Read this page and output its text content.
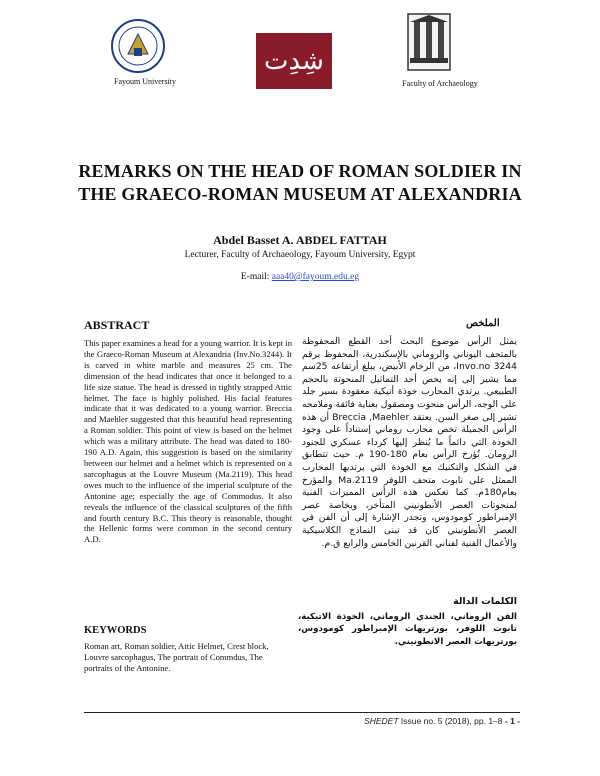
Fayoum University
شِدِت
Faculty of Archaeology
REMARKS ON THE HEAD OF ROMAN SOLDIER IN
THE GRAECO-ROMAN MUSEUM AT ALEXANDRIA
Abdel Basset A. ABDEL FATTAH
Lecturer, Faculty of Archaeology, Fayoum University, Egypt
E-mail: aaa40@fayoum.edu.eg
ABSTRACT	الملخص
This paper examines a head for a young warrior. It is kept in the Graeco-Roman Museum at Alexandria (Inv.No.3244). It is carved in white marble and measures 25 cm. The dimension of the head indicates that once it belonged to a life size statue. The head is dressed in tightly strapped Attic helmet. The face is highly polished. His facial features indicate that it was dedicated to a young warrior. Breccia and Maehler suggested that this beautiful head representing a Roman soldier. This point of view is based on the helmet which was a military attribute. The head was dated to 180-190 A.D. Again, this suggestion is based on the similarity between our helmet and a helmet which is represented on a sarcophagus at the Louvre Museum (Ma.2119). This head owes much to the influence of the imperial sculpture of the Antonine age; especially the age of Commodus. It also reveals the influence of the classical sculptures of the fifth and fourth century B.C. This theory is reasonable, thought the Hellenic forms were common in the second century A.D.
يمثل الرأس موضوع البحث أحد القطع المحفوظة بالمتحف اليوناني والروماني بالإسكندرية، المحفوظ برقم Invo.no 3244، من الرخام الأبيض، يبلغ أرتفاعه 25سم مما يشير إلى إنه يخص أحد التماثيل المنحوتة بالحجم الطبيعي. يرتدي المحارب خوذة أتيكية معقودة بسير جلد على الوجه، الرأس منحوت ومصقول بعناية فائقة وملامحه تشير إلى صغر السن. يعتقد Breccia ,Maehler أن هذه الرأس الجميلة تخص محارب روماني إستناداً على وجود الخوذة التي دائماً ما يُنظر إليها كرداء عسكري للجنود الرومان. تُؤرخ الرأس بعام 180-190 م. حيث تتطابق في الشكل والتكنيك مع الخوذة التي يرتديها المحارب الممثل على تابوت متحف اللوفر Ma.2119 والمؤرخ بعام180م. كما تعكس هذه الرأس المميزات الفنية لمنحوتات العصر الأنطونيني المتأخر، وبخاصة عصر الإمبراطور كومودوس، وتجدر الإشارة إلى أن الفن في العصر الأنطونيني كان قد تبنى النماذج الكلاسيكية والأعمال الفنية لفناني القرنين الخامس والرابع ق.م.
KEYWORDS
Roman art, Roman soldier, Attic Helmet, Crest block, Louvre sarcophagus, The portrait of Commdus, The portraits of the Antonine.
الكلمات الدالة
الفن الروماني، الجندي الروماني، الخوذة الاتيكية، تابوت اللوفر، بورتريهات الإمبراطور كومودوس، بورتريهات العصر الانطونيني.
SHEDET Issue no. 5 (2018), pp. 1–8 - 1 -
